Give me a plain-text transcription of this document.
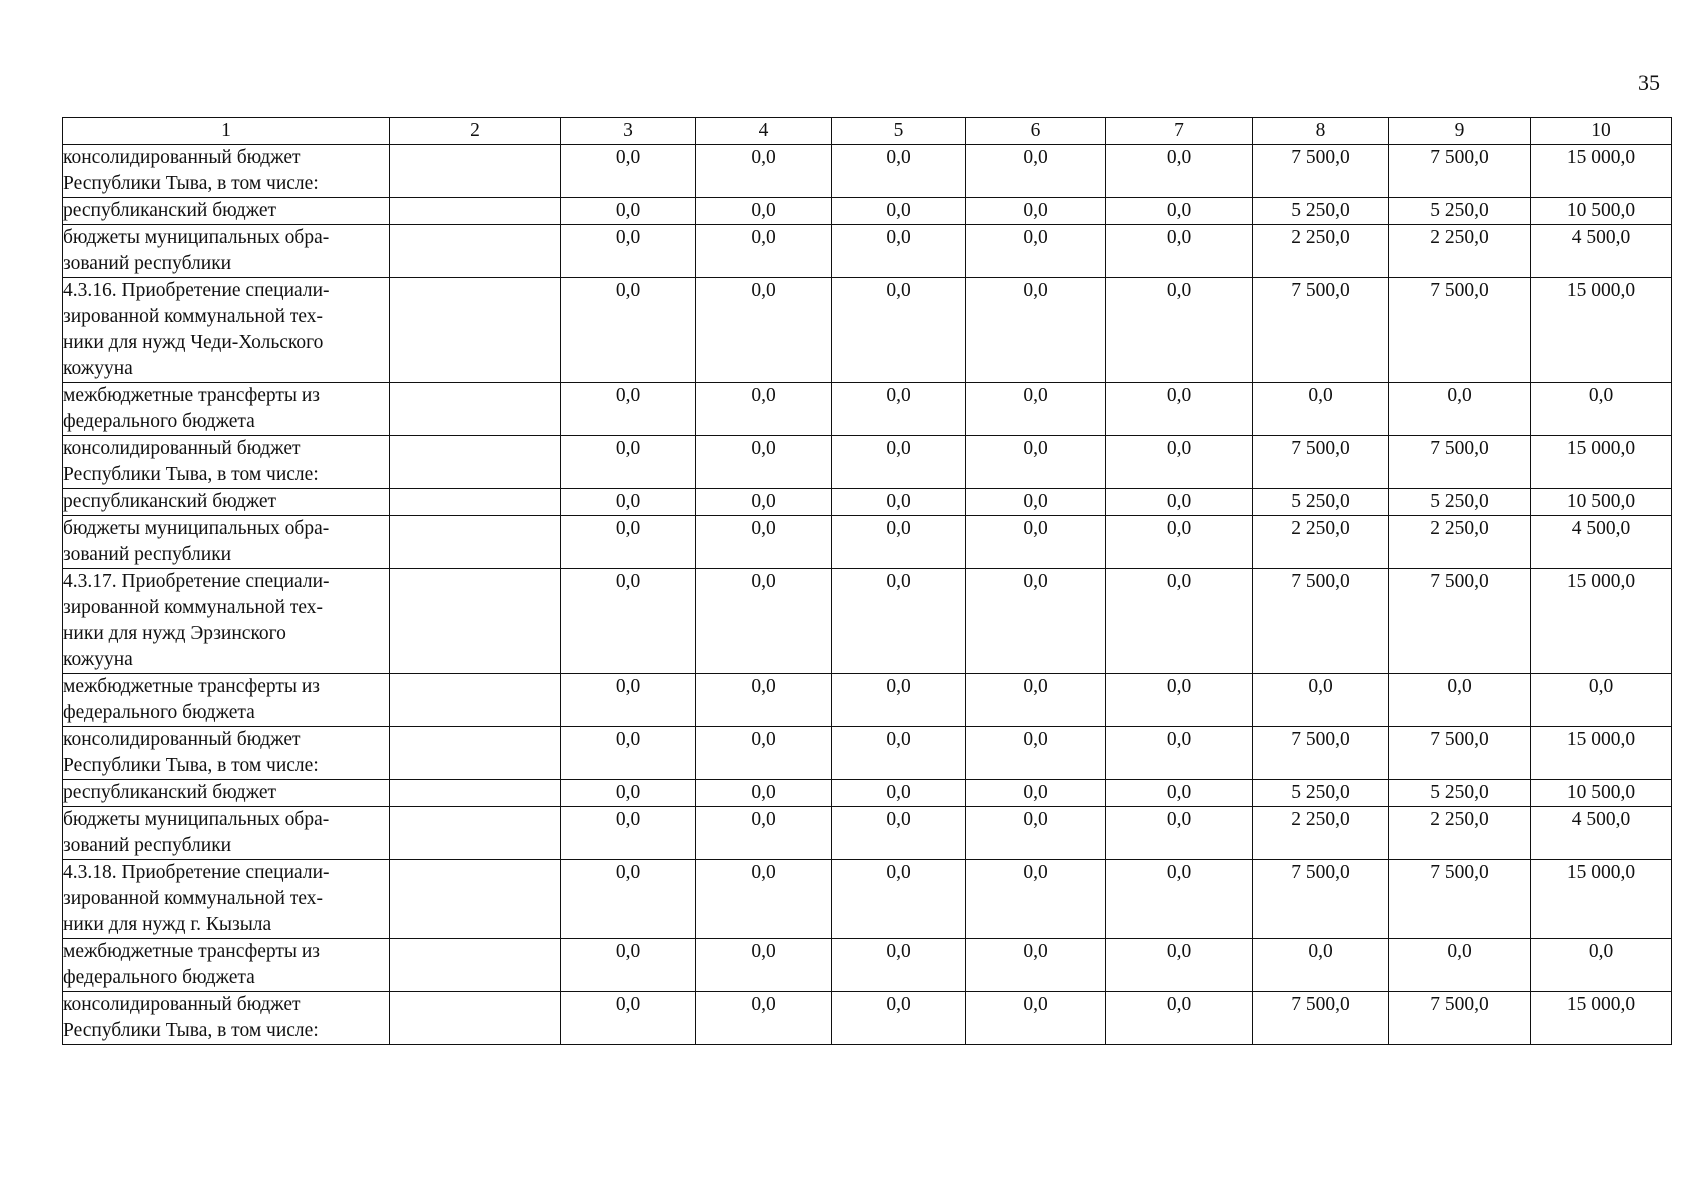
35
1	2	3	4	5	6	7	8	9	10
консолидированный бюджет
Республики Тыва, в том числе:		0,0	0,0	0,0	0,0	0,0	7 500,0	7 500,0	15 000,0
республиканский бюджет		0,0	0,0	0,0	0,0	0,0	5 250,0	5 250,0	10 500,0
бюджеты муниципальных обра-
зований республики		0,0	0,0	0,0	0,0	0,0	2 250,0	2 250,0	4 500,0
4.3.16. Приобретение специали-
зированной коммунальной тех-
ники для нужд Чеди-Хольского
кожууна		0,0	0,0	0,0	0,0	0,0	7 500,0	7 500,0	15 000,0
межбюджетные трансферты из
федерального бюджета		0,0	0,0	0,0	0,0	0,0	0,0	0,0	0,0
консолидированный бюджет
Республики Тыва, в том числе:		0,0	0,0	0,0	0,0	0,0	7 500,0	7 500,0	15 000,0
республиканский бюджет		0,0	0,0	0,0	0,0	0,0	5 250,0	5 250,0	10 500,0
бюджеты муниципальных обра-
зований республики		0,0	0,0	0,0	0,0	0,0	2 250,0	2 250,0	4 500,0
4.3.17. Приобретение специали-
зированной коммунальной тех-
ники для нужд Эрзинского
кожууна		0,0	0,0	0,0	0,0	0,0	7 500,0	7 500,0	15 000,0
межбюджетные трансферты из
федерального бюджета		0,0	0,0	0,0	0,0	0,0	0,0	0,0	0,0
консолидированный бюджет
Республики Тыва, в том числе:		0,0	0,0	0,0	0,0	0,0	7 500,0	7 500,0	15 000,0
республиканский бюджет		0,0	0,0	0,0	0,0	0,0	5 250,0	5 250,0	10 500,0
бюджеты муниципальных обра-
зований республики		0,0	0,0	0,0	0,0	0,0	2 250,0	2 250,0	4 500,0
4.3.18. Приобретение специали-
зированной коммунальной тех-
ники для нужд г. Кызыла		0,0	0,0	0,0	0,0	0,0	7 500,0	7 500,0	15 000,0
межбюджетные трансферты из
федерального бюджета		0,0	0,0	0,0	0,0	0,0	0,0	0,0	0,0
консолидированный бюджет
Республики Тыва, в том числе:		0,0	0,0	0,0	0,0	0,0	7 500,0	7 500,0	15 000,0
